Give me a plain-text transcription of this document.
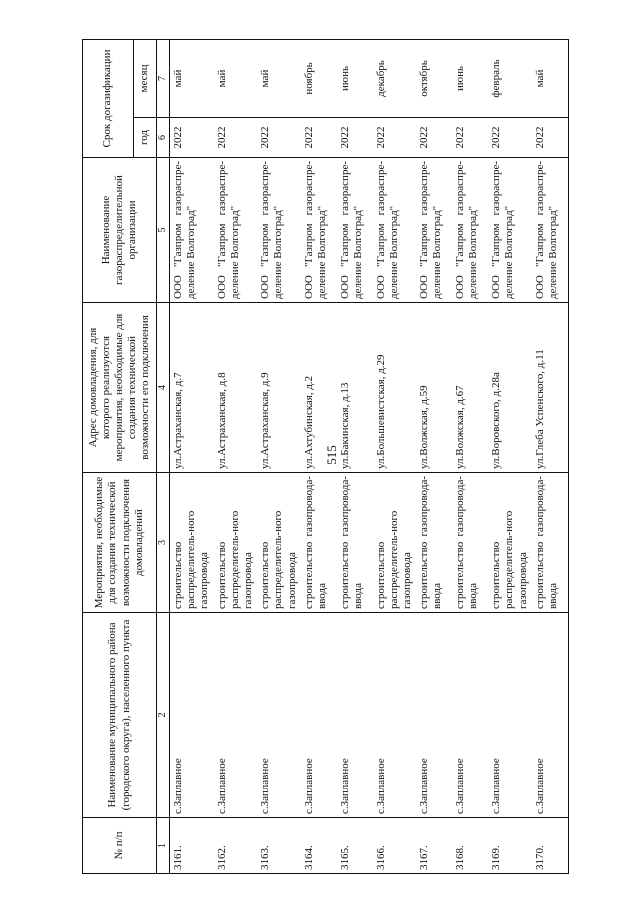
515
№ п/п	Наименование муниципального района (городского округа), населенного пункта	Мероприятия, необходимые для создания технической возможности подключения домовладений	Адрес домовладения, для которого реализуются мероприятия, необходимые для создания технической возможности его подключения	Наименование газораспределительной организации	Срок догазификации	
					год	месяц
1	2	3	4	5	6	7
3161.	с.Заплавное	строительство распределитель-ного газопровода	ул.Астраханская, д.7	ООО "Газпром газораспре-деление Волгоград"	2022	май
3162.	с.Заплавное	строительство распределитель-ного газопровода	ул.Астраханская, д.8	ООО "Газпром газораспре-деление Волгоград"	2022	май
3163.	с.Заплавное	строительство распределитель-ного газопровода	ул.Астраханская, д.9	ООО "Газпром газораспре-деление Волгоград"	2022	май
3164.	с.Заплавное	строительство газопровода-ввода	ул.Ахтубинская, д.2	ООО "Газпром газораспре-деление Волгоград"	2022	ноябрь
3165.	с.Заплавное	строительство газопровода-ввода	ул.Бакинская, д.13	ООО "Газпром газораспре-деление Волгоград"	2022	июнь
3166.	с.Заплавное	строительство распределитель-ного газопровода	ул.Большевистская, д.29	ООО "Газпром газораспре-деление Волгоград"	2022	декабрь
3167.	с.Заплавное	строительство газопровода-ввода	ул.Волжская, д.59	ООО "Газпром газораспре-деление Волгоград"	2022	октябрь
3168.	с.Заплавное	строительство газопровода-ввода	ул.Волжская, д.67	ООО "Газпром газораспре-деление Волгоград"	2022	июнь
3169.	с.Заплавное	строительство распределитель-ного газопровода	ул.Воровского, д.28а	ООО "Газпром газораспре-деление Волгоград"	2022	февраль
3170.	с.Заплавное	строительство газопровода-ввода	ул.Глеба Успенского, д.11	ООО "Газпром газораспре-деление Волгоград"	2022	май
